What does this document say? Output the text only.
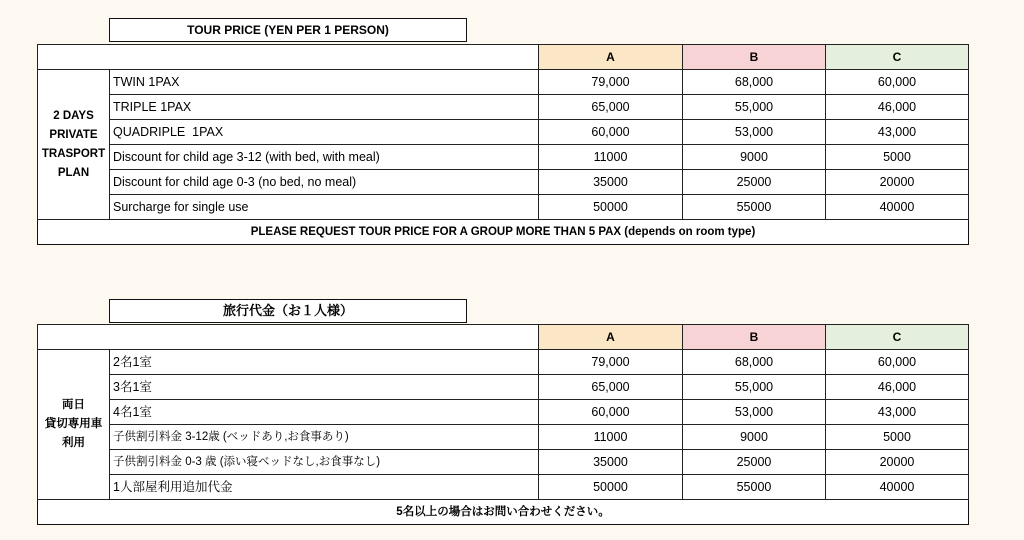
TOUR PRICE (YEN PER 1 PERSON)
		A	B	C

2 DAYS
PRIVATE
TRASPORT
PLAN	TWIN 1PAX	79,000	68,000	60,000
	TRIPLE 1PAX	65,000	55,000	46,000
	QUADRIPLE  1PAX	60,000	53,000	43,000
	Discount for child age 3-12 (with bed, with meal)	11000	9000	5000
	Discount for child age 0-3 (no bed, no meal)	35000	25000	20000
	Surcharge for single use	50000	55000	40000
PLEASE REQUEST TOUR PRICE FOR A GROUP MORE THAN 5 PAX (depends on room type)				
旅行代金（お１人様）
		A	B	C

両日
貸切専用車
利用	2名1室	79,000	68,000	60,000
	3名1室	65,000	55,000	46,000
	4名1室	60,000	53,000	43,000
	子供割引料金 3-12歳 (ベッドあり,お食事あり)	11000	9000	5000
	子供割引料金 0-3 歳 (添い寝ベッドなし,お食事なし)	35000	25000	20000
	1人部屋利用追加代金	50000	55000	40000
5名以上の場合はお問い合わせください。				
